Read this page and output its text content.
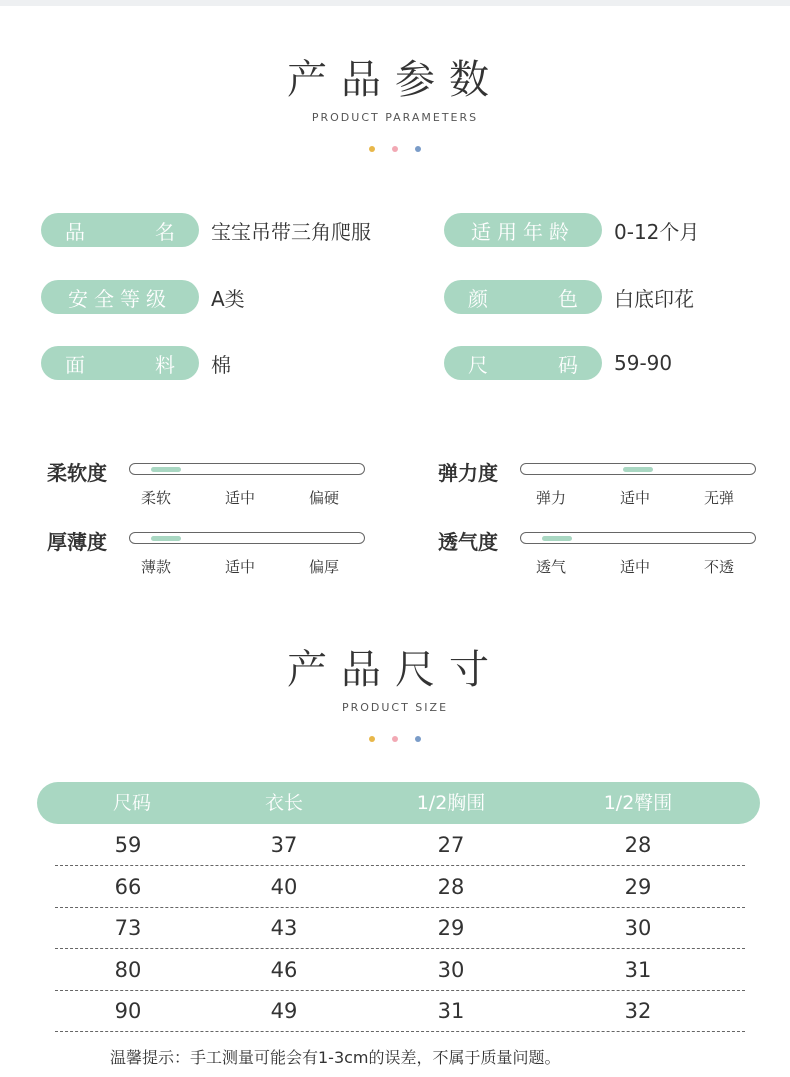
产品参数
PRODUCT PARAMETERS
品	名 宝宝吊带三角爬服	适用年龄 0-12个月
安全等级 A类	颜	色 白底印花
面	料 棉	尺	码 59-90
柔软度
柔软	适中	偏硬
弹力度
弹力	适中	无弹
厚薄度
薄款	适中	偏厚
透气度
透气	适中	不透
产品尺寸
PRODUCT SIZE
尺码	衣长	1/2胸围	1/2臀围
59	37	27	28
66	40	28	29
73	43	29	30
80	46	30	31
90	49	31	32
温馨提示：手工测量可能会有1-3cm的误差，不属于质量问题。
